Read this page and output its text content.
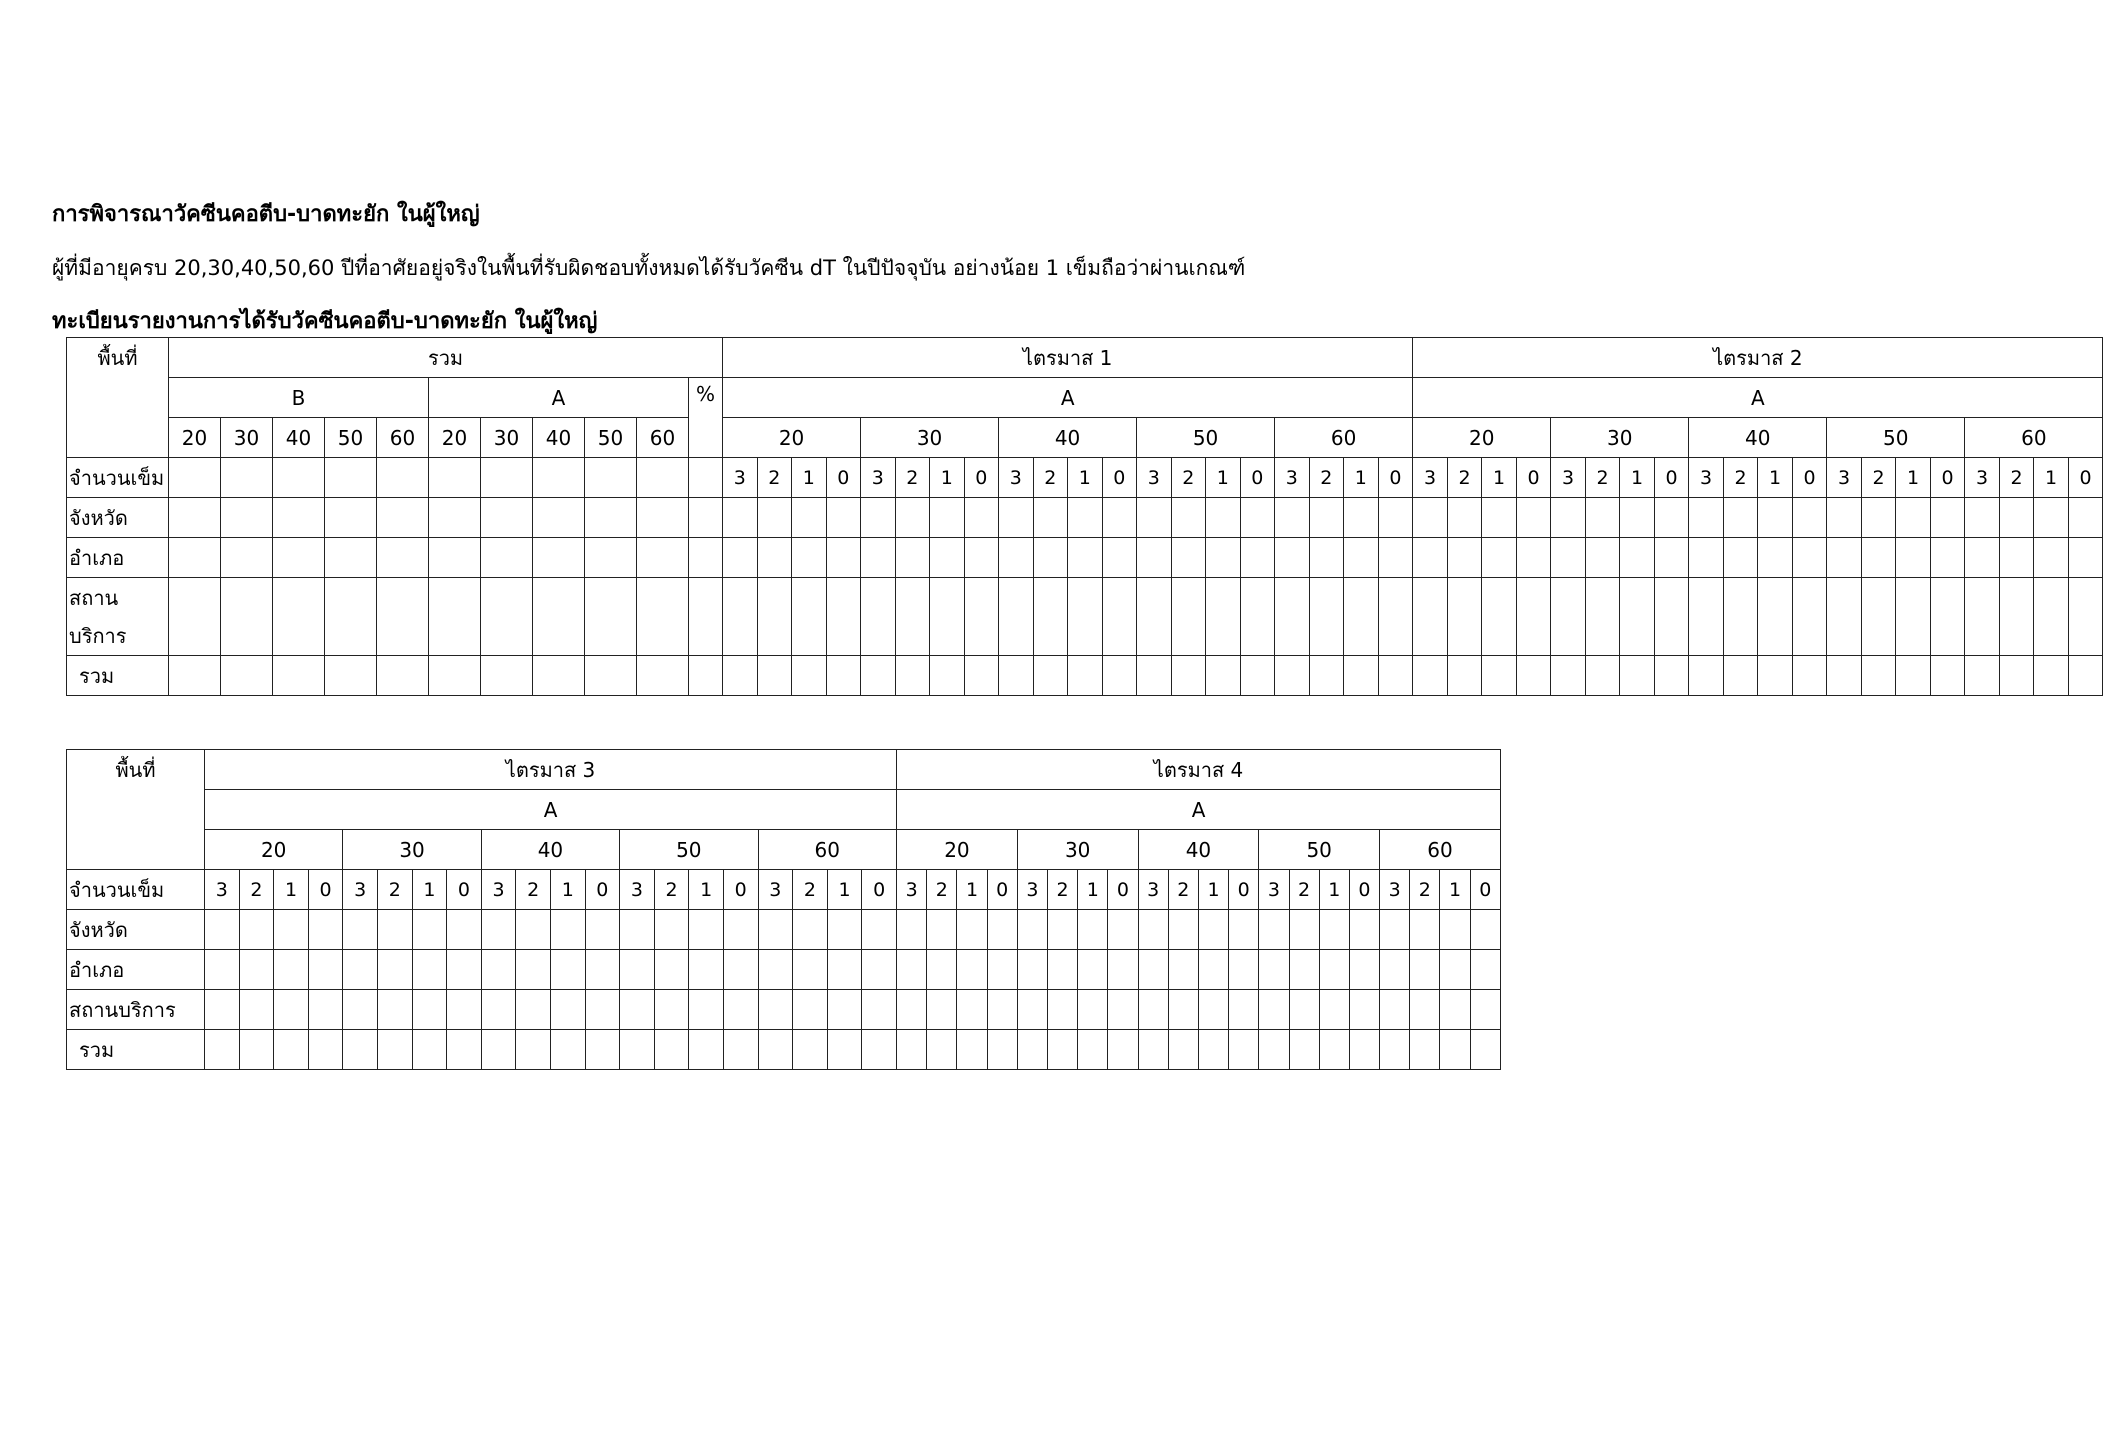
การพิจารณาวัคซีนคอตีบ-บาดทะยัก ในผู้ใหญ่

ผู้ที่มีอายุครบ 20,30,40,50,60 ปีที่อาศัยอยู่จริงในพื้นที่รับผิดชอบทั้งหมดได้รับวัคซีน dT ในปีปัจจุบัน อย่างน้อย 1 เข็มถือว่าผ่านเกณฑ์

ทะเบียนรายงานการได้รับวัคซีนคอตีบ-บาดทะยัก ในผู้ใหญ่
พื้นที่	รวม											ไตรมาส 1																				ไตรมาส 2																			
	B					A					%	A																				A																			
	20	30	40	50	60	20	30	40	50	60		20				30				40				50				60				20				30				40				50				60			
จำนวนเข็ม												3	2	1	0	3	2	1	0	3	2	1	0	3	2	1	0	3	2	1	0	3	2	1	0	3	2	1	0	3	2	1	0	3	2	1	0	3	2	1	0
จังหวัด																																																			
อำเภอ																																																			
สถานบริการ																																																			
รวม																																																			
พื้นที่	ไตรมาส 3																				ไตรมาส 4																			
	A																				A																			
	20				30				40				50				60				20				30				40				50				60			
จำนวนเข็ม	3	2	1	0	3	2	1	0	3	2	1	0	3	2	1	0	3	2	1	0	3	2	1	0	3	2	1	0	3	2	1	0	3	2	1	0	3	2	1	0
จังหวัด																																								
อำเภอ																																								
สถานบริการ																																								
รวม																																								
